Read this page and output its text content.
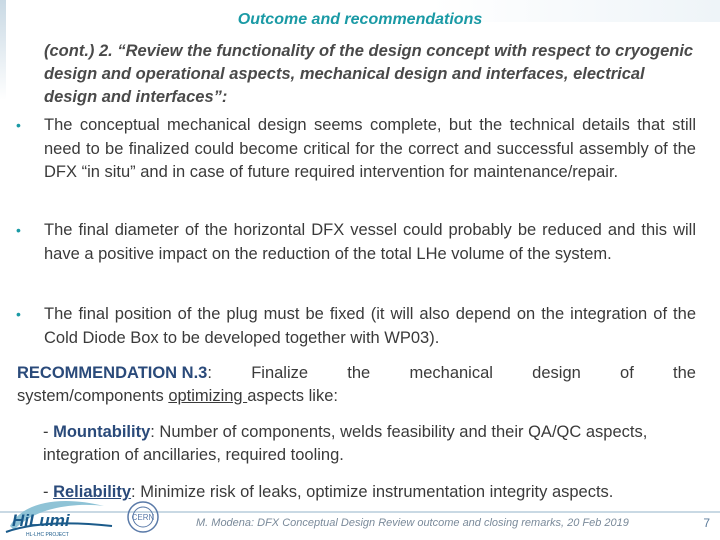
Outcome and recommendations
(cont.) 2. “Review the functionality of the design concept with respect to cryogenic design and operational aspects, mechanical design and interfaces, electrical design and interfaces”:
• The conceptual mechanical design seems complete, but the technical details that still need to be finalized could become critical for the correct and successful assembly of the DFX “in situ” and in case of future required intervention for maintenance/repair.
• The final diameter of the horizontal DFX vessel could probably be reduced and this will have a positive impact on the reduction of the total LHe volume of the system.
• The final position of the plug must be fixed (it will also depend on the integration of the Cold Diode Box to be developed together with WP03).
RECOMMENDATION N.3: Finalize the mechanical design of the
system/components optimizing aspects like:
- Mountability: Number of components, welds feasibility and their QA/QC aspects, integration of ancillaries, required tooling.
- Reliability: Minimize risk of leaks, optimize instrumentation integrity aspects.
HiLumi
HL-LHC PROJECT
CERN	M. Modena: DFX Conceptual Design Review outcome and closing remarks, 20 Feb 2019	7
